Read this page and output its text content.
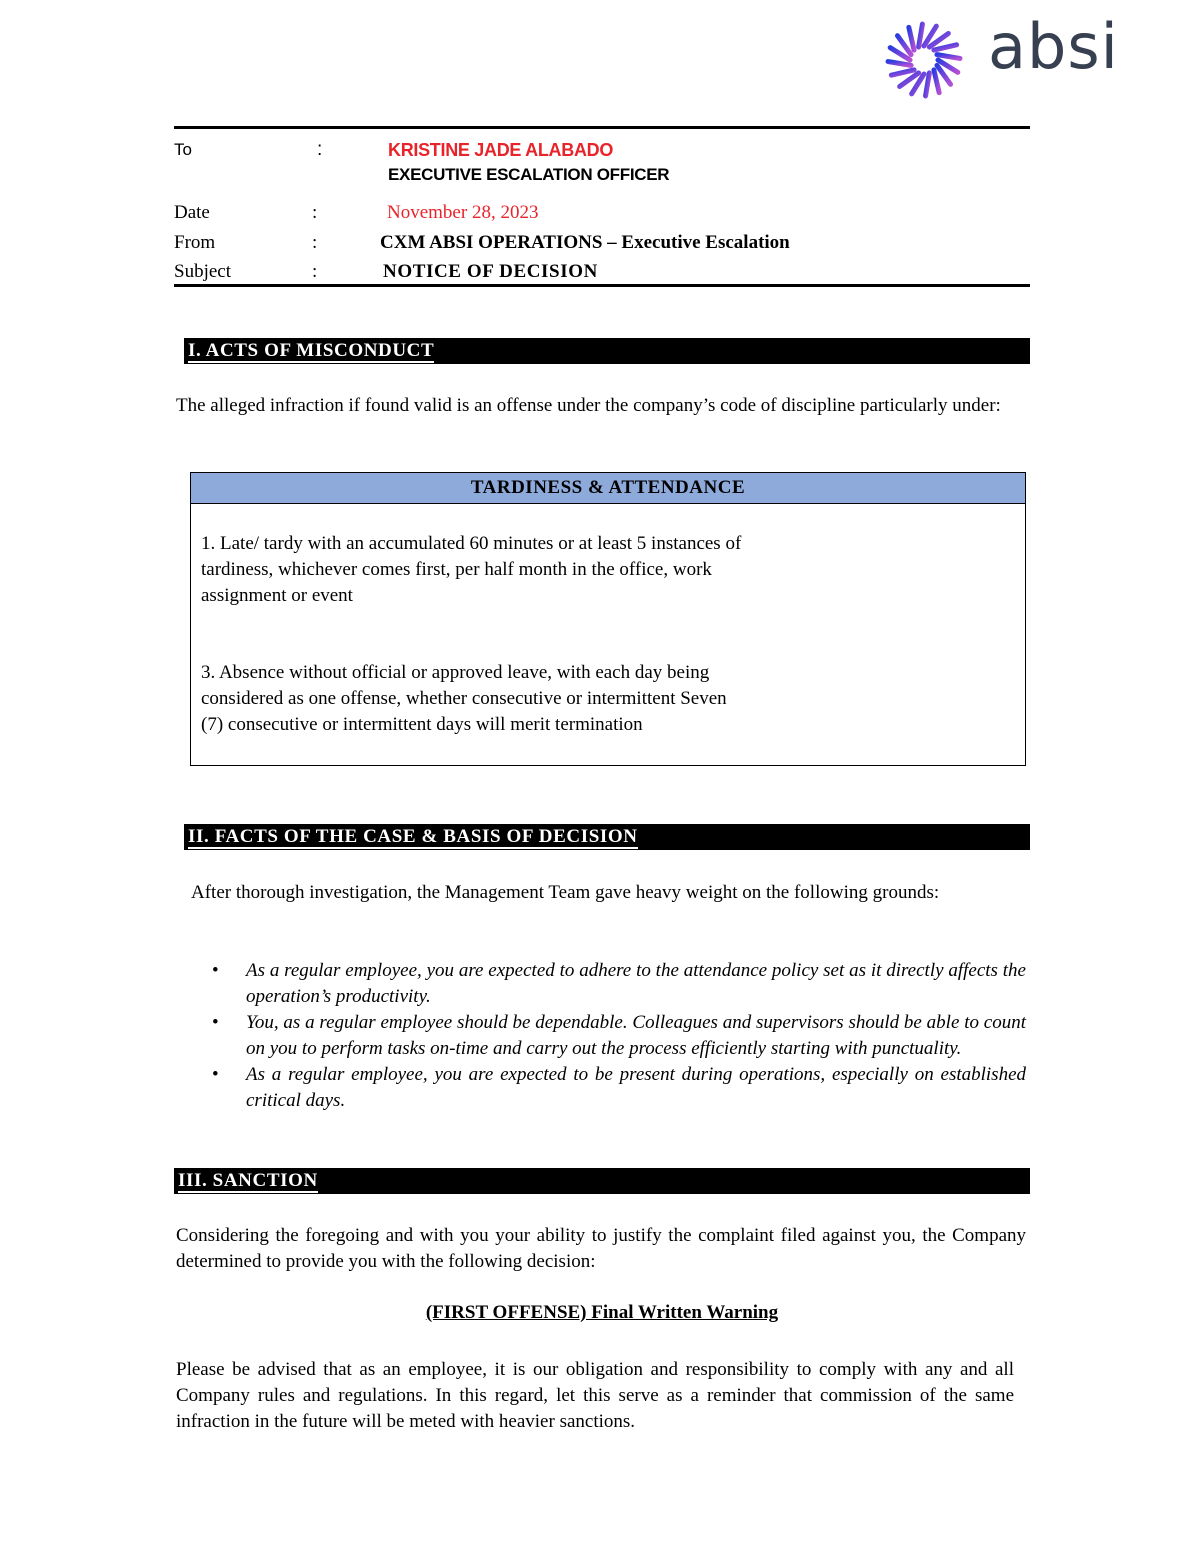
absi
To	:	KRISTINE JADE ALABADO
EXECUTIVE ESCALATION OFFICER
Date	:	November 28, 2023
From	:	CXM ABSI OPERATIONS – Executive Escalation
Subject	:	NOTICE OF DECISION
I. ACTS OF MISCONDUCT
The alleged infraction if found valid is an offense under the company’s code of discipline particularly under:
TARDINESS & ATTENDANCE
1. Late/ tardy with an accumulated 60 minutes or at least 5 instances of tardiness, whichever comes first, per half month in the office, work assignment or event
3. Absence without official or approved leave, with each day being considered as one offense, whether consecutive or intermittent Seven (7) consecutive or intermittent days will merit termination
II. FACTS OF THE CASE & BASIS OF DECISION
After thorough investigation, the Management Team gave heavy weight on the following grounds:
• As a regular employee, you are expected to adhere to the attendance policy set as it directly affects the operation’s productivity.
• You, as a regular employee should be dependable. Colleagues and supervisors should be able to count on you to perform tasks on-time and carry out the process efficiently starting with punctuality.
• As a regular employee, you are expected to be present during operations, especially on established critical days.
III. SANCTION
Considering the foregoing and with you your ability to justify the complaint filed against you, the Company determined to provide you with the following decision:
(FIRST OFFENSE) Final Written Warning
Please be advised that as an employee, it is our obligation and responsibility to comply with any and all Company rules and regulations. In this regard, let this serve as a reminder that commission of the same infraction in the future will be meted with heavier sanctions.
